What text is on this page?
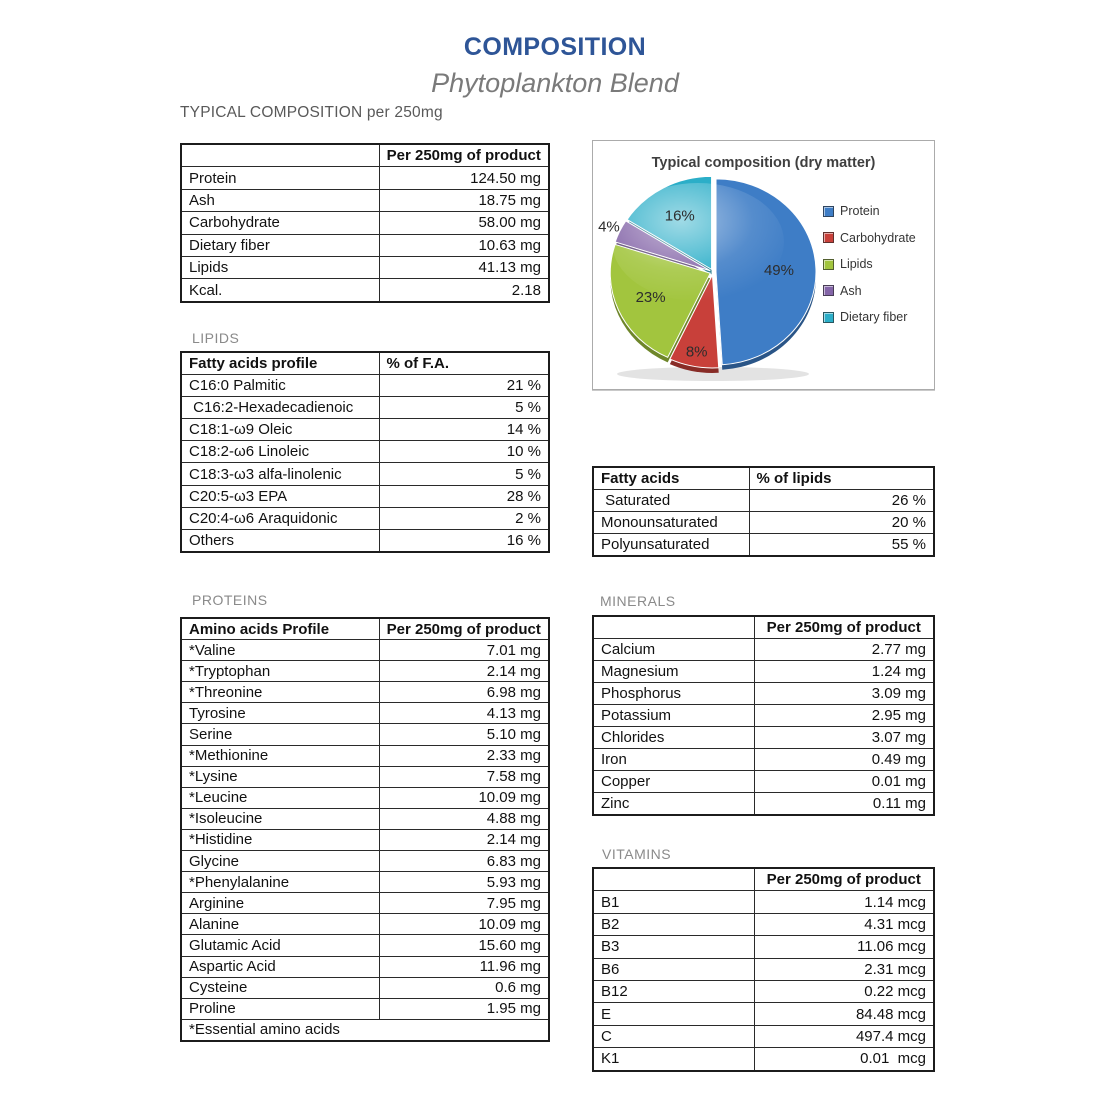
COMPOSITION
Phytoplankton Blend
TYPICAL COMPOSITION per 250mg
	Per 250mg of product
Protein	124.50 mg
Ash	18.75 mg
Carbohydrate	58.00 mg
Dietary fiber	10.63 mg
Lipids	41.13 mg
Kcal.	2.18
LIPIDS
Fatty acids profile	% of F.A.
C16:0 Palmitic	21 %
C16:2-Hexadecadienoic	5 %
C18:1-ω9 Oleic	14 %
C18:2-ω6 Linoleic	10 %
C18:3-ω3 alfa-linolenic	5 %
C20:5-ω3 EPA	28 %
C20:4-ω6 Araquidonic	2 %
Others	16 %
PROTEINS
Amino acids Profile	Per 250mg of product
*Valine	7.01 mg
*Tryptophan	2.14 mg
*Threonine	6.98 mg
Tyrosine	4.13 mg
Serine	5.10 mg
*Methionine	2.33 mg
*Lysine	7.58 mg
*Leucine	10.09 mg
*Isoleucine	4.88 mg
*Histidine	2.14 mg
Glycine	6.83 mg
*Phenylalanine	5.93 mg
Arginine	7.95 mg
Alanine	10.09 mg
Glutamic Acid	15.60 mg
Aspartic Acid	11.96 mg
Cysteine	0.6 mg
Proline	1.95 mg
*Essential amino acids	
Typical composition (dry matter)
49%
8%
23%
4%
16%	Protein
Carbohydrate
Lipids
Ash
Dietary fiber
Fatty acids	% of lipids
Saturated	26 %
Monounsaturated	20 %
Polyunsaturated	55 %
MINERALS
	Per 250mg of product
Calcium	2.77 mg
Magnesium	1.24 mg
Phosphorus	3.09 mg
Potassium	2.95 mg
Chlorides	3.07 mg
Iron	0.49 mg
Copper	0.01 mg
Zinc	0.11 mg
VITAMINS
	Per 250mg of product
B1	1.14 mcg
B2	4.31 mcg
B3	11.06 mcg
B6	2.31 mcg
B12	0.22 mcg
E	84.48 mcg
C	497.4 mcg
K1	0.01  mcg
